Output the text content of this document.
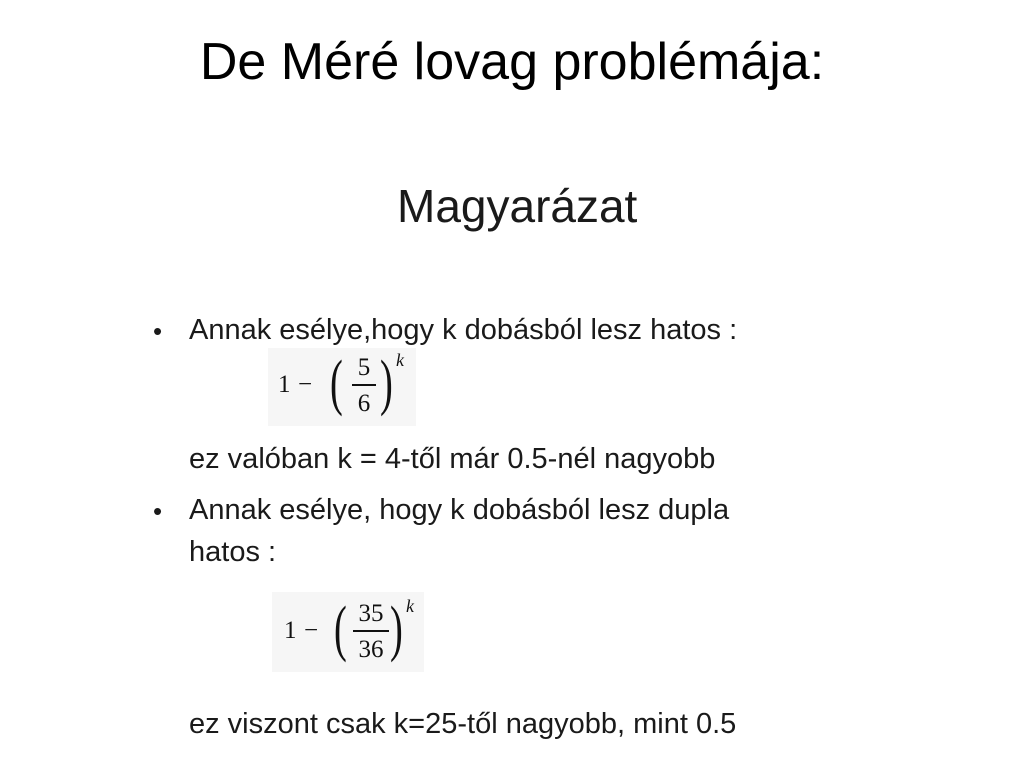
De Méré lovag problémája:
Magyarázat
• Annak esélye,hogy k dobásból lesz hatos :
1 − ( 5
6 ) k
ez valóban k = 4-től már 0.5-nél nagyobb
• Annak esélye, hogy k dobásból lesz dupla
hatos :
1 − ( 35
36 ) k
ez viszont csak k=25-től nagyobb, mint 0.5
